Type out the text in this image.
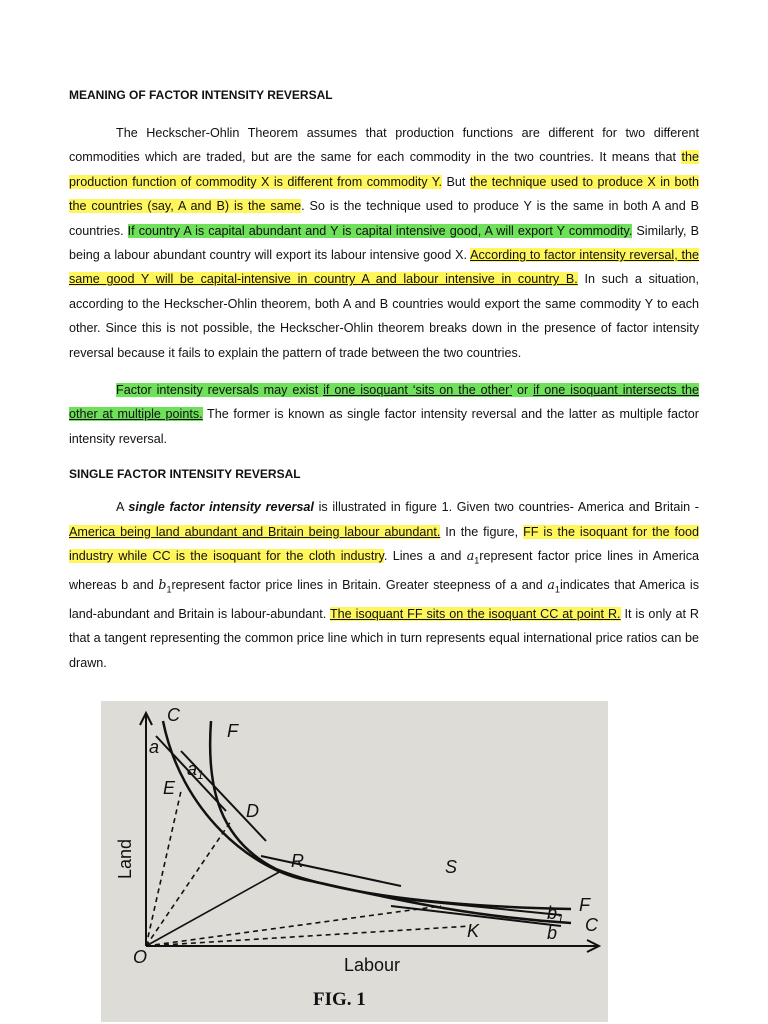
MEANING OF FACTOR INTENSITY REVERSAL

The Heckscher-Ohlin Theorem assumes that production functions are different for two different commodities which are traded, but are the same for each commodity in the two countries. It means that the production function of commodity X is different from commodity Y. But the technique used to produce X in both the countries (say, A and B) is the same. So is the technique used to produce Y is the same in both A and B countries. If country A is capital abundant and Y is capital intensive good, A will export Y commodity. Similarly, B being a labour abundant country will export its labour intensive good X. According to factor intensity reversal, the same good Y will be capital-intensive in country A and labour intensive in country B. In such a situation, according to the Heckscher-Ohlin theorem, both A and B countries would export the same commodity Y to each other. Since this is not possible, the Heckscher-Ohlin theorem breaks down in the presence of factor intensity reversal because it fails to explain the pattern of trade between the two countries.

Factor intensity reversals may exist if one isoquant ‘sits on the other’ or if one isoquant intersects the other at multiple points. The former is known as single factor intensity reversal and the latter as multiple factor intensity reversal.

SINGLE FACTOR INTENSITY REVERSAL

A single factor intensity reversal is illustrated in figure 1. Given two countries- America and Britain - America being land abundant and Britain being labour abundant. In the figure, FF is the isoquant for the food industry while CC is the isoquant for the cloth industry. Lines a and $a_1represent$ factor price lines in America whereas b and $b_1represent$ factor price lines in Britain. Greater steepness of a and $a_1indicates$ that America is land-abundant and Britain is labour-abundant. The isoquant FF sits on the isoquant CC at point R. It is only at R that a tangent representing the common price line which in turn represents equal international price ratios can be drawn.

C
F
a
$a_1$
E
D
R	S
K
O
F
C
$b_1$
b
Land
Labour
FIG. 1
